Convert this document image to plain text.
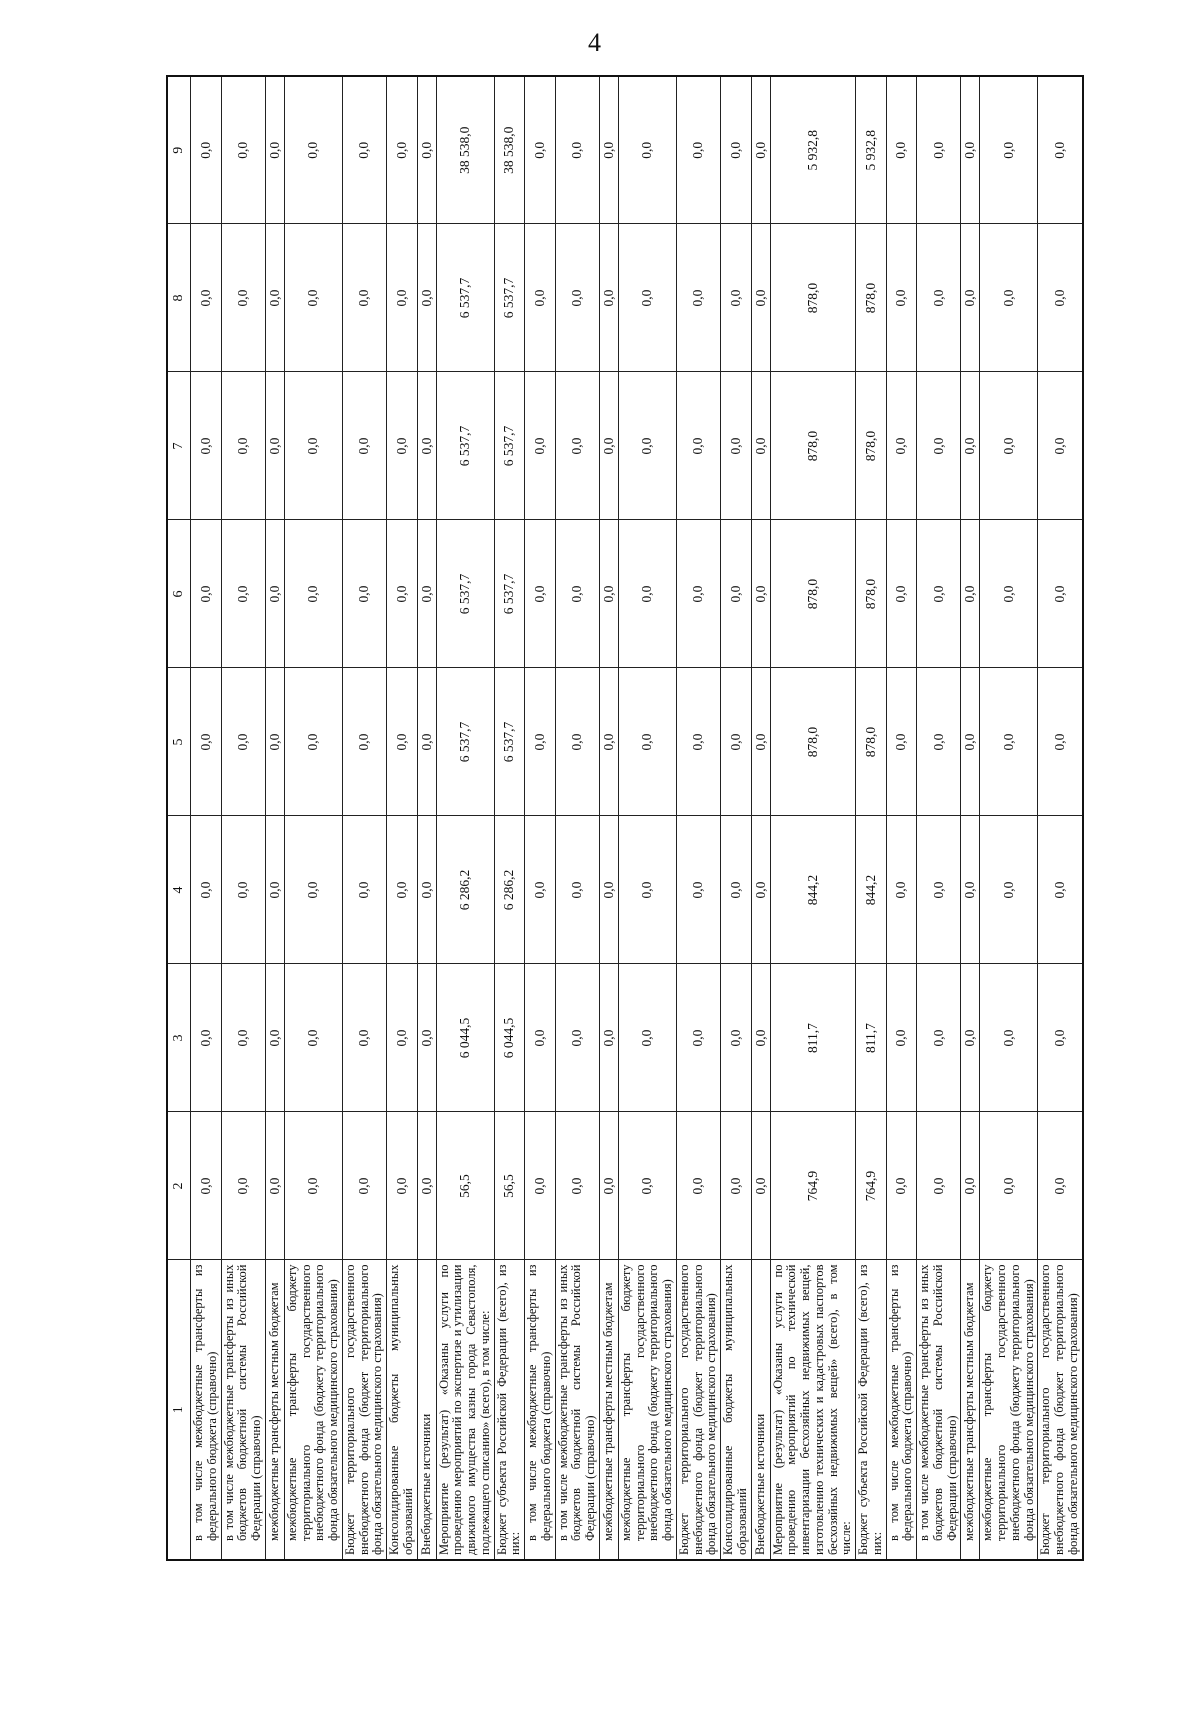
4
1	2	3	4	5	6	7	8	9
в том числе межбюджетные трансферты из федерального бюджета (справочно)	0,0	0,0	0,0	0,0	0,0	0,0	0,0	0,0
в том числе межбюджетные трансферты из иных бюджетов бюджетной системы Российской Федерации (справочно)	0,0	0,0	0,0	0,0	0,0	0,0	0,0	0,0
межбюджетные трансферты местным бюджетам	0,0	0,0	0,0	0,0	0,0	0,0	0,0	0,0
межбюджетные трансферты бюджету территориального государственного внебюджетного фонда (бюджету территориального фонда обязательного медицинского страхования)	0,0	0,0	0,0	0,0	0,0	0,0	0,0	0,0
Бюджет территориального государственного внебюджетного фонда (бюджет территориального фонда обязательного медицинского страхования)	0,0	0,0	0,0	0,0	0,0	0,0	0,0	0,0
Консолидированные бюджеты муниципальных образований	0,0	0,0	0,0	0,0	0,0	0,0	0,0	0,0
Внебюджетные источники	0,0	0,0	0,0	0,0	0,0	0,0	0,0	0,0
Мероприятие (результат) «Оказаны услуги по проведению мероприятий по экспертизе и утилизации движимого имущества казны города Севастополя, подлежащего списанию» (всего), в том числе:	56,5	6 044,5	6 286,2	6 537,7	6 537,7	6 537,7	6 537,7	38 538,0
Бюджет субъекта Российской Федерации (всего), из них:	56,5	6 044,5	6 286,2	6 537,7	6 537,7	6 537,7	6 537,7	38 538,0
в том числе межбюджетные трансферты из федерального бюджета (справочно)	0,0	0,0	0,0	0,0	0,0	0,0	0,0	0,0
в том числе межбюджетные трансферты из иных бюджетов бюджетной системы Российской Федерации (справочно)	0,0	0,0	0,0	0,0	0,0	0,0	0,0	0,0
межбюджетные трансферты местным бюджетам	0,0	0,0	0,0	0,0	0,0	0,0	0,0	0,0
межбюджетные трансферты бюджету территориального государственного внебюджетного фонда (бюджету территориального фонда обязательного медицинского страхования)	0,0	0,0	0,0	0,0	0,0	0,0	0,0	0,0
Бюджет территориального государственного внебюджетного фонда (бюджет территориального фонда обязательного медицинского страхования)	0,0	0,0	0,0	0,0	0,0	0,0	0,0	0,0
Консолидированные бюджеты муниципальных образований	0,0	0,0	0,0	0,0	0,0	0,0	0,0	0,0
Внебюджетные источники	0,0	0,0	0,0	0,0	0,0	0,0	0,0	0,0
Мероприятие (результат) «Оказаны услуги по проведению мероприятий по технической инвентаризации бесхозяйных недвижимых вещей, изготовлению технических и кадастровых паспортов бесхозяйных недвижимых вещей» (всего), в том числе:	764,9	811,7	844,2	878,0	878,0	878,0	878,0	5 932,8
Бюджет субъекта Российской Федерации (всего), из них:	764,9	811,7	844,2	878,0	878,0	878,0	878,0	5 932,8
в том числе межбюджетные трансферты из федерального бюджета (справочно)	0,0	0,0	0,0	0,0	0,0	0,0	0,0	0,0
в том числе межбюджетные трансферты из иных бюджетов бюджетной системы Российской Федерации (справочно)	0,0	0,0	0,0	0,0	0,0	0,0	0,0	0,0
межбюджетные трансферты местным бюджетам	0,0	0,0	0,0	0,0	0,0	0,0	0,0	0,0
межбюджетные трансферты бюджету территориального государственного внебюджетного фонда (бюджету территориального фонда обязательного медицинского страхования)	0,0	0,0	0,0	0,0	0,0	0,0	0,0	0,0
Бюджет территориального государственного внебюджетного фонда (бюджет территориального фонда обязательного медицинского страхования)	0,0	0,0	0,0	0,0	0,0	0,0	0,0	0,0
